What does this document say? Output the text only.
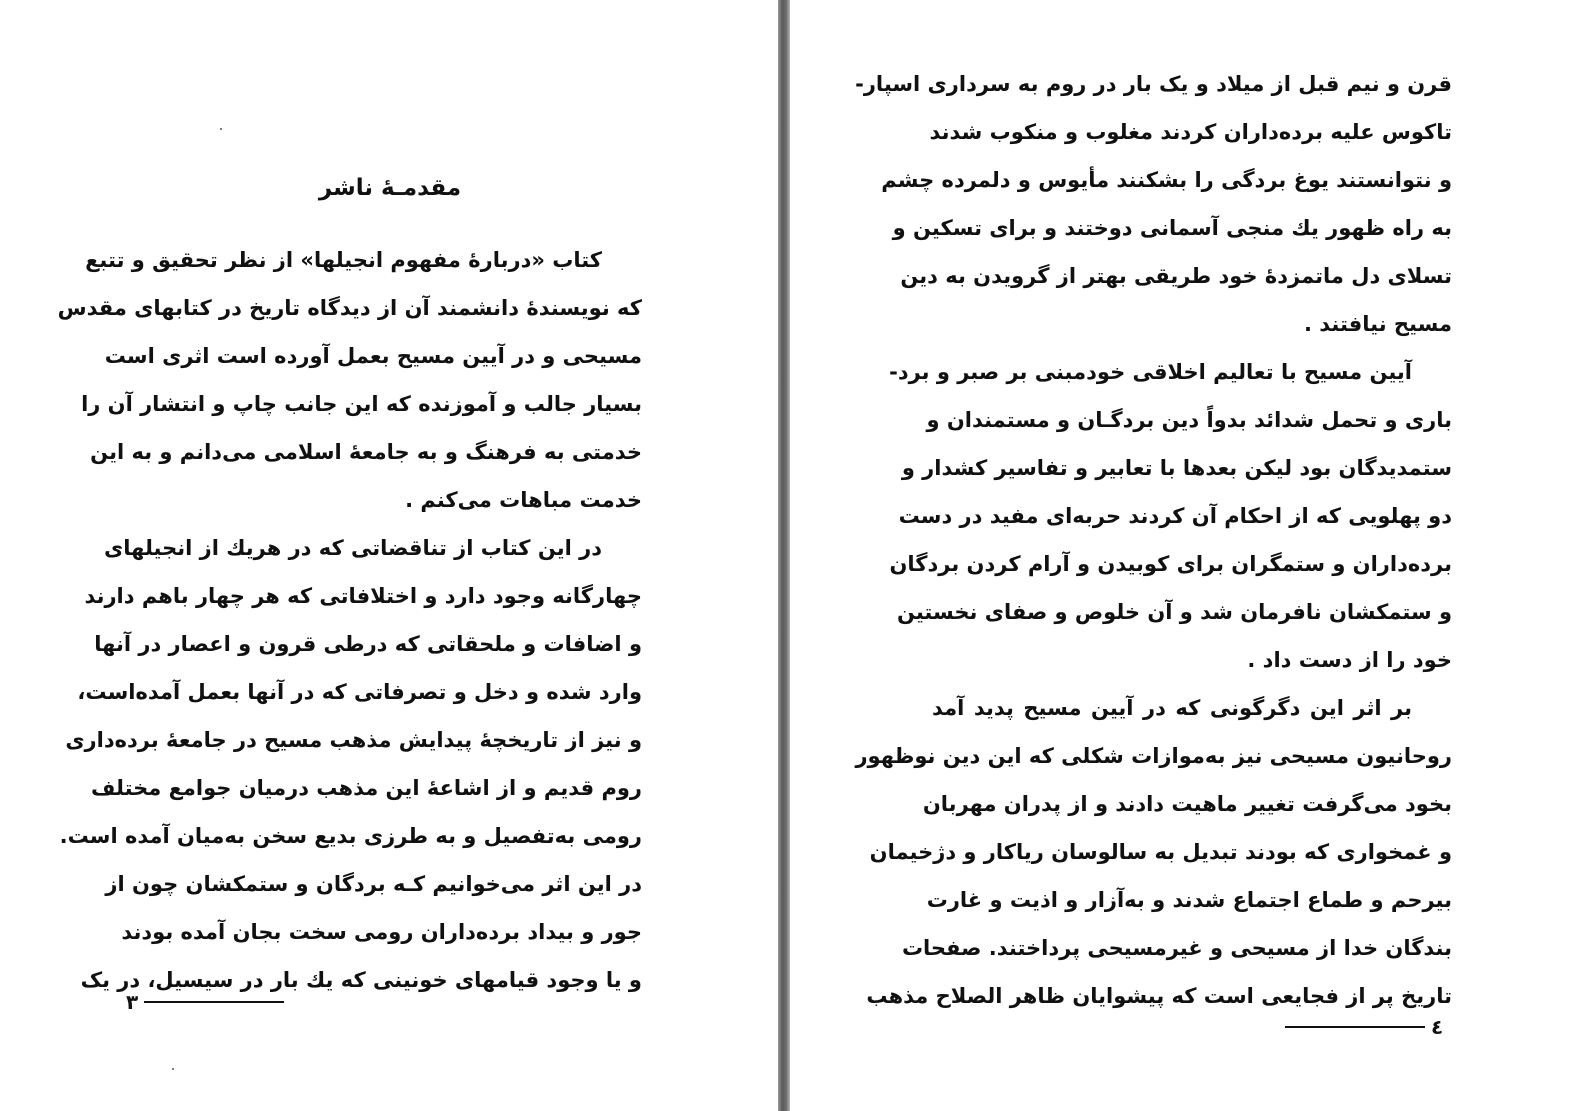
مقدمـهٔ ناشر
کتاب «دربارهٔ مفهوم انجیلها» از نظر تحقیق و تتبع
که نویسندهٔ دانشمند آن از دیدگاه تاریخ در کتابهای مقدس
مسیحی و در آیین مسیح بعمل آورده است اثری است
بسیار جالب و آموزنده که این جانب چاپ و انتشار آن را
خدمتی به فرهنگ و به جامعهٔ اسلامی می‌دانم و به این
خدمت مباهات می‌کنم .
در این کتاب از تناقضاتی که در هریك از انجیلهای
چهارگانه وجود دارد و اختلافاتی که هر چهار باهم دارند
و اضافات و ملحقاتی که درطی قرون و اعصار در آنها
وارد شده و دخل و تصرفاتی که در آنها بعمل آمده‌است،
و نیز از تاریخچهٔ پیدایش مذهب مسیح در جامعهٔ برده‌داری
روم قدیم و از اشاعهٔ این مذهب درمیان جوامع مختلف
رومی به‌تفصیل و به طرزی بدیع سخن به‌میان آمده است.
در این اثر می‌خوانیم کـه بردگان و ستمکشان چون از
جور و بیداد برده‌داران رومی سخت بجان آمده بودند
و یا وجود قیامهای خونینی که یك بار در سیسیل، در یک
۳
قرن و نیم قبل از میلاد و یک بار در روم به سرداری اسپار-
تاکوس علیه برده‌داران کردند مغلوب و منکوب شدند
و نتوانستند یوغ بردگی را بشکنند مأیوس و دلمرده چشم
به راه ظهور یك منجی آسمانی دوختند و برای تسکین و
تسلای دل ماتمزدهٔ خود طریقی بهتر از گرویدن به دین
مسیح نیافتند .
آیین مسیح با تعالیم اخلاقی خودمبنی بر صبر و برد-
باری و تحمل شدائد بدواً دین بردگـان و مستمندان و
ستمدیدگان بود لیکن بعدها با تعابیر و تفاسیر کشدار و
دو پهلویی که از احکام آن کردند حربه‌ای مفید در دست
برده‌داران و ستمگران برای کوبیدن و آرام کردن بردگان
و ستمکشان نافرمان شد و آن خلوص و صفای نخستین
خود را از دست داد .
بر اثر این دگرگونی که در آیین مسیح پدید آمد
روحانیون مسیحی نیز به‌موازات شکلی که این دین نوظهور
بخود می‌گرفت تغییر ماهیت دادند و از پدران مهربان
و غمخواری که بودند تبدیل به سالوسان ریاکار و دژخیمان
بیرحم و طماع اجتماع شدند و به‌آزار و اذیت و غارت
بندگان خدا از مسیحی و غیرمسیحی پرداختند. صفحات
تاریخ پر از فجایعی است که پیشوایان ظاهر الصلاح مذهب
٤
